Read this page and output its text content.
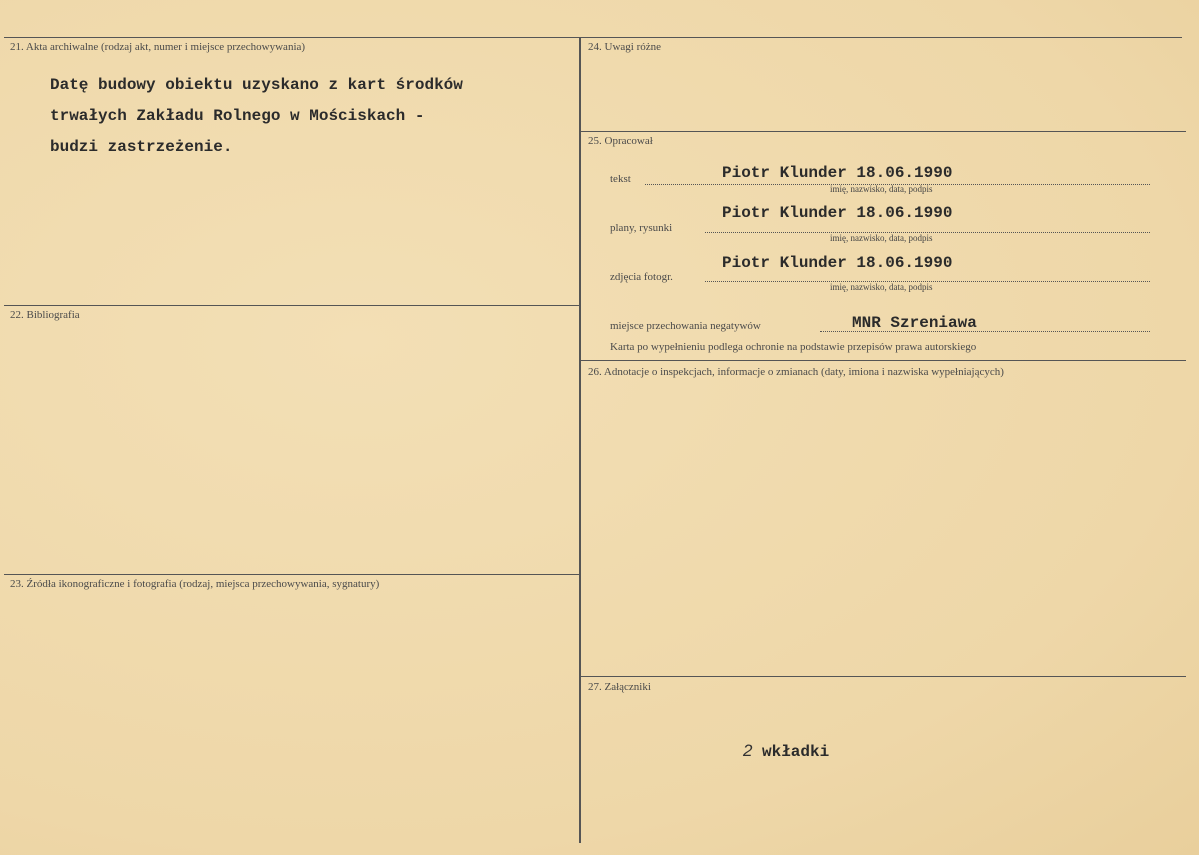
21. Akta archiwalne (rodzaj akt, numer i miejsce przechowywania)
Datę budowy obiektu uzyskano z kart środków
trwałych Zakładu Rolnego w Mościskach -
budzi zastrzeżenie.
22. Bibliografia
23. Źródła ikonograficzne i fotografia (rodzaj, miejsca przechowywania, sygnatury)
24. Uwagi różne
25. Opracował
tekst	Piotr Klunder 18.06.1990
imię, nazwisko, data, podpis
plany, rysunki
Piotr Klunder 18.06.1990
imię, nazwisko, data, podpis
zdjęcia fotogr.
Piotr Klunder 18.06.1990
imię, nazwisko, data, podpis
miejsce przechowania negatywów	MNR Szreniawa
Karta po wypełnieniu podlega ochronie na podstawie przepisów prawa autorskiego
26. Adnotacje o inspekcjach, informacje o zmianach (daty, imiona i nazwiska wypełniających)
27. Załączniki
2 wkładki
